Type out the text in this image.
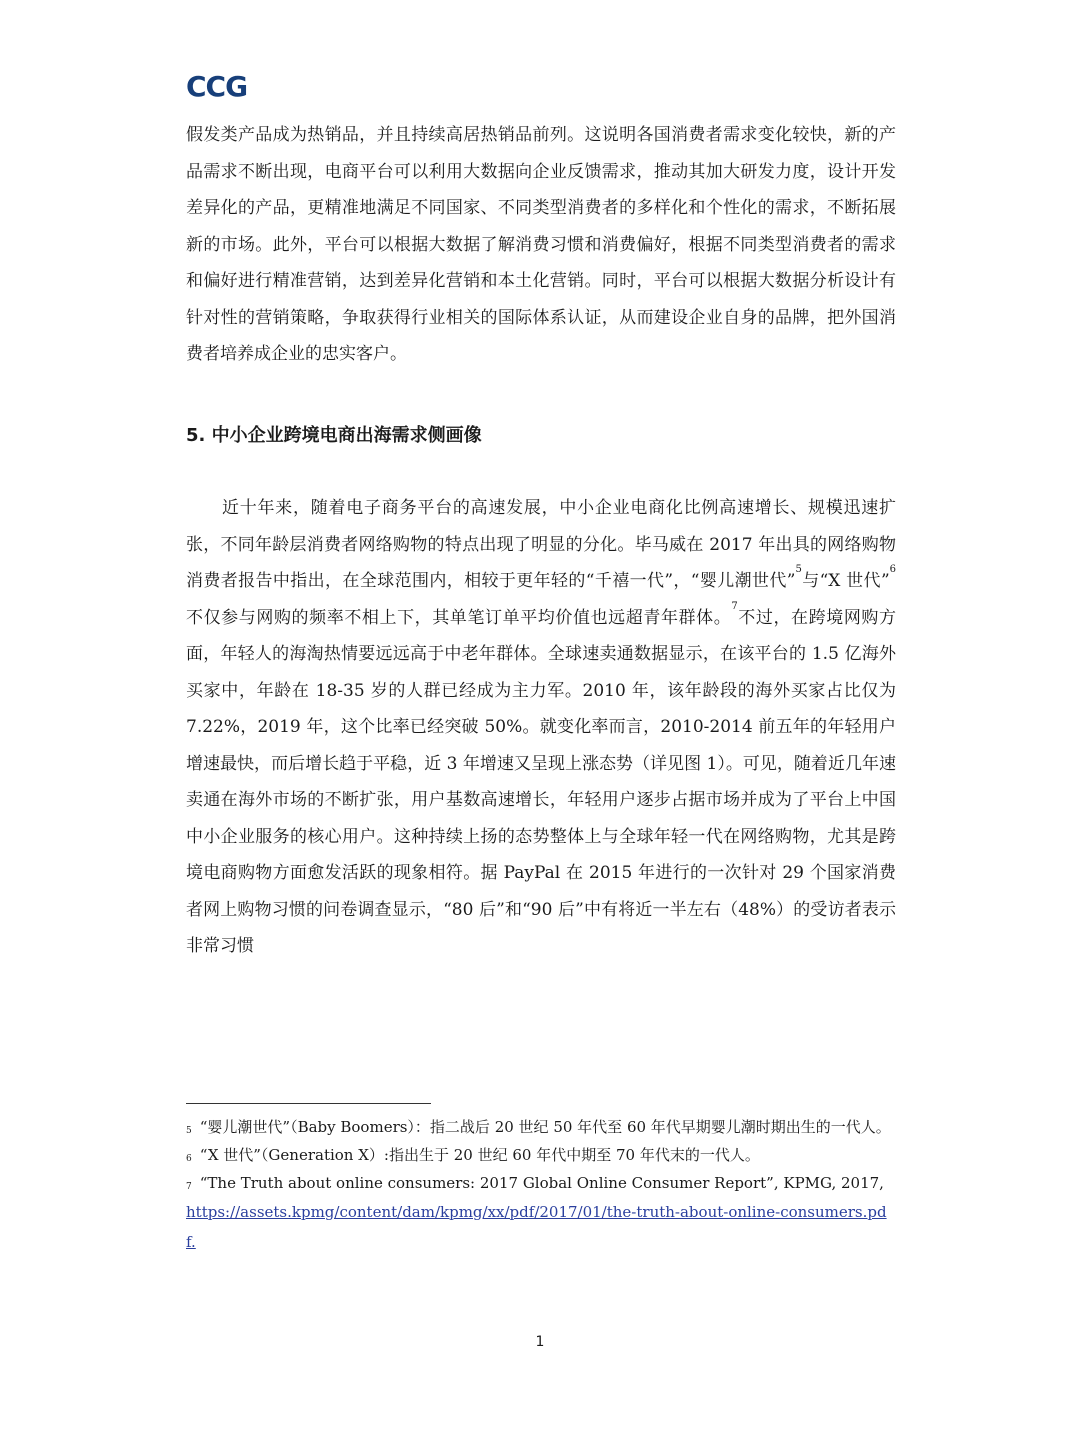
CCG
假发类产品成为热销品，并且持续高居热销品前列。这说明各国消费者需求变化较快，新的产品需求不断出现，电商平台可以利用大数据向企业反馈需求，推动其加大研发力度，设计开发差异化的产品，更精准地满足不同国家、不同类型消费者的多样化和个性化的需求，不断拓展新的市场。此外，平台可以根据大数据了解消费习惯和消费偏好，根据不同类型消费者的需求和偏好进行精准营销，达到差异化营销和本土化营销。同时，平台可以根据大数据分析设计有针对性的营销策略，争取获得行业相关的国际体系认证，从而建设企业自身的品牌，把外国消费者培养成企业的忠实客户。
5. 中小企业跨境电商出海需求侧画像
近十年来，随着电子商务平台的高速发展，中小企业电商化比例高速增长、规模迅速扩张，不同年龄层消费者网络购物的特点出现了明显的分化。毕马威在 2017 年出具的网络购物消费者报告中指出，在全球范围内，相较于更年轻的“千禧一代”，“婴儿潮世代”$^5$与“X 世代”$^6$不仅参与网购的频率不相上下，其单笔订单平均价值也远超青年群体。$^7$不过，在跨境网购方面，年轻人的海淘热情要远远高于中老年群体。全球速卖通数据显示，在该平台的 1.5 亿海外买家中，年龄在 18-35 岁的人群已经成为主力军。2010 年，该年龄段的海外买家占比仅为 7.22%，2019 年，这个比率已经突破 50%。就变化率而言，2010-2014 前五年的年轻用户增速最快，而后增长趋于平稳，近 3 年增速又呈现上涨态势（详见图 1）。可见，随着近几年速卖通在海外市场的不断扩张，用户基数高速增长，年轻用户逐步占据市场并成为了平台上中国中小企业服务的核心用户。这种持续上扬的态势整体上与全球年轻一代在网络购物，尤其是跨境电商购物方面愈发活跃的现象相符。据 PayPal 在 2015 年进行的一次针对 29 个国家消费者网上购物习惯的问卷调查显示，“80 后”和“90 后”中有将近一半左右（48%）的受访者表示非常习惯

$^5$ “婴儿潮世代”（Baby Boomers）：指二战后 20 世纪 50 年代至 60 年代早期婴儿潮时期出生的一代人。

$^6$ “X 世代”（Generation X）:指出生于 20 世纪 60 年代中期至 70 年代末的一代人。

$^7$ “The Truth about online consumers: 2017 Global Online Consumer Report”, KPMG, 2017,
https://assets.kpmg/content/dam/kpmg/xx/pdf/2017/01/the-truth-about-online-consumers.pdf.

1
